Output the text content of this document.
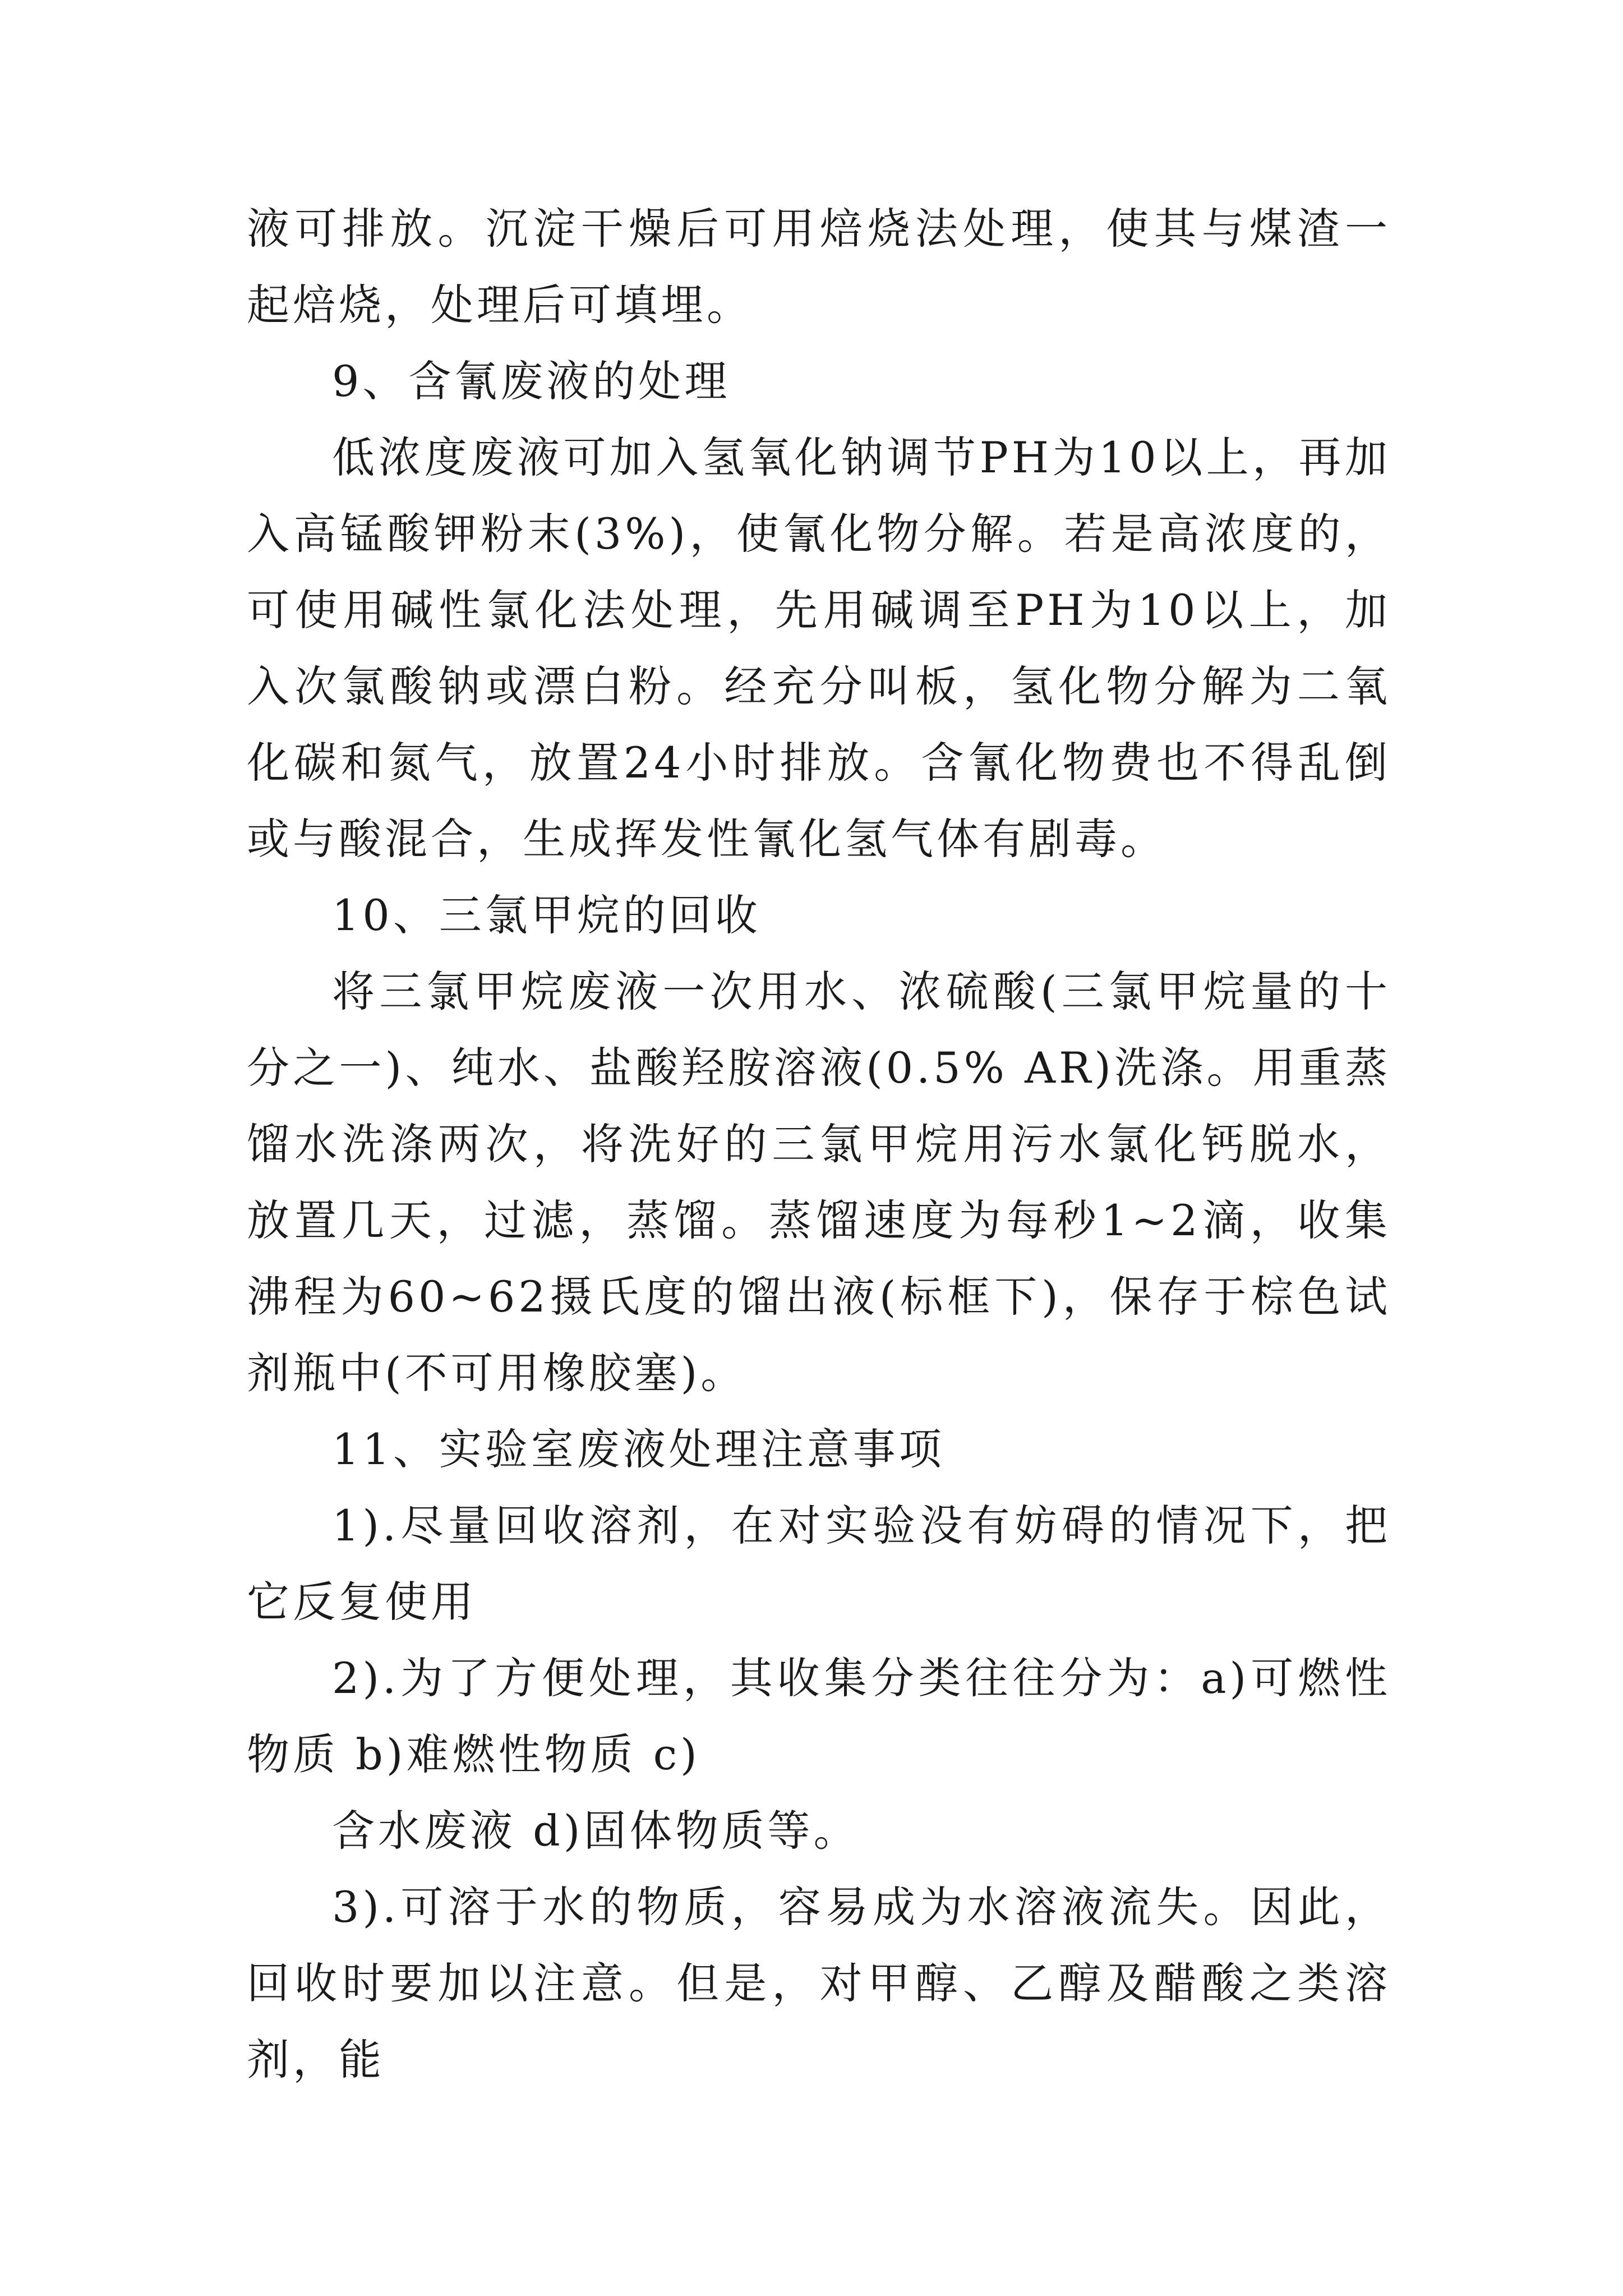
液可排放。沉淀干燥后可用焙烧法处理，使其与煤渣一起焙烧，处理后可填埋。

9、含氰废液的处理

低浓度废液可加入氢氧化钠调节PH为10以上，再加入高锰酸钾粉末(3%)，使氰化物分解。若是高浓度的，可使用碱性氯化法处理，先用碱调至PH为10以上，加入次氯酸钠或漂白粉。经充分叫板，氢化物分解为二氧化碳和氮气，放置24小时排放。含氰化物费也不得乱倒或与酸混合，生成挥发性氰化氢气体有剧毒。

10、三氯甲烷的回收

将三氯甲烷废液一次用水、浓硫酸(三氯甲烷量的十分之一)、纯水、盐酸羟胺溶液(0.5% AR)洗涤。用重蒸馏水洗涤两次，将洗好的三氯甲烷用污水氯化钙脱水，放置几天，过滤，蒸馏。蒸馏速度为每秒1~2滴，收集沸程为60~62摄氏度的馏出液(标框下)，保存于棕色试剂瓶中(不可用橡胶塞)。

11、实验室废液处理注意事项

1).尽量回收溶剂，在对实验没有妨碍的情况下，把它反复使用

2).为了方便处理，其收集分类往往分为：a)可燃性物质 b)难燃性物质 c)

含水废液 d)固体物质等。

3).可溶于水的物质，容易成为水溶液流失。因此，回收时要加以注意。但是，对甲醇、乙醇及醋酸之类溶剂，能
